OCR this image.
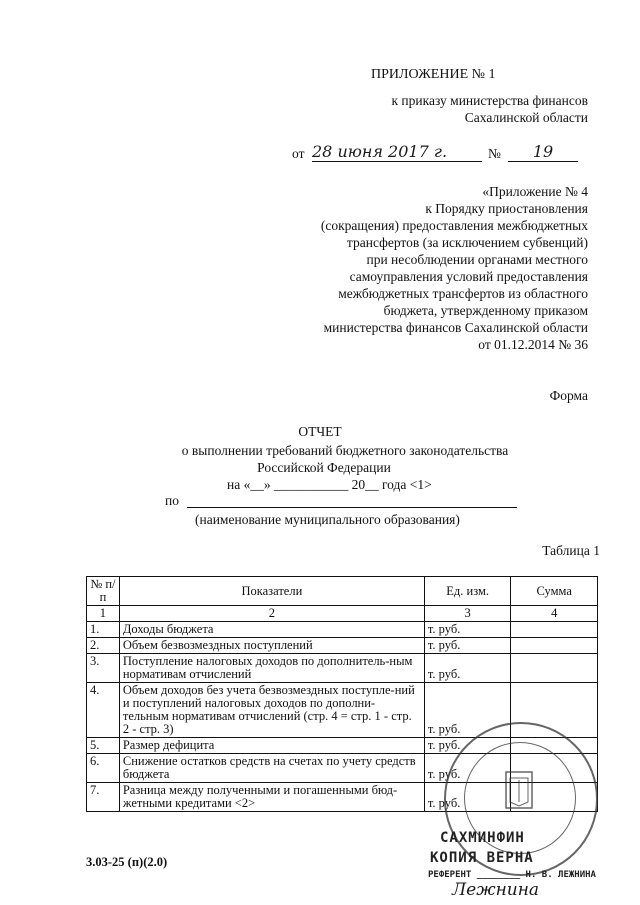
ПРИЛОЖЕНИЕ № 1
к приказу министерства финансов
Сахалинской области
от 28 июня 2017 г.	№	19
«Приложение № 4
к Порядку приостановления
(сокращения) предоставления межбюджетных
трансфертов (за исключением субвенций)
при несоблюдении органами местного
самоуправления условий предоставления
межбюджетных трансфертов из областного
бюджета, утвержденному приказом
министерства финансов Сахалинской области
от 01.12.2014 № 36
Форма
ОТЧЕТ
о выполнении требований бюджетного законодательства
Российской Федерации
на «__» ___________ 20__ года <1>
по
(наименование муниципального образования)
Таблица 1
№ п/п	Показатели	Ед. изм.	Сумма
1	2	3	4
1.	Доходы бюджета	т. руб.	
2.	Объем безвозмездных поступлений	т. руб.	
3.	Поступление налоговых доходов по дополнитель-ным нормативам отчислений	т. руб.	
4.	Объем доходов без учета безвозмездных поступле-ний и поступлений налоговых доходов по дополни-тельным нормативам отчислений (стр. 4 = стр. 1 - стр. 2 - стр. 3)	т. руб.	
5.	Размер дефицита	т. руб.	
6.	Снижение остатков средств на счетах по учету средств бюджета	т. руб.	
7.	Разница между полученными и погашенными бюд-жетными кредитами <2>	т. руб.	
3.03-25 (п)(2.0)
САХМИНФИН
КОПИЯ ВЕРНА
РЕФЕРЕНТ ________ Н. В. ЛЕЖНИНА
Лежнина
